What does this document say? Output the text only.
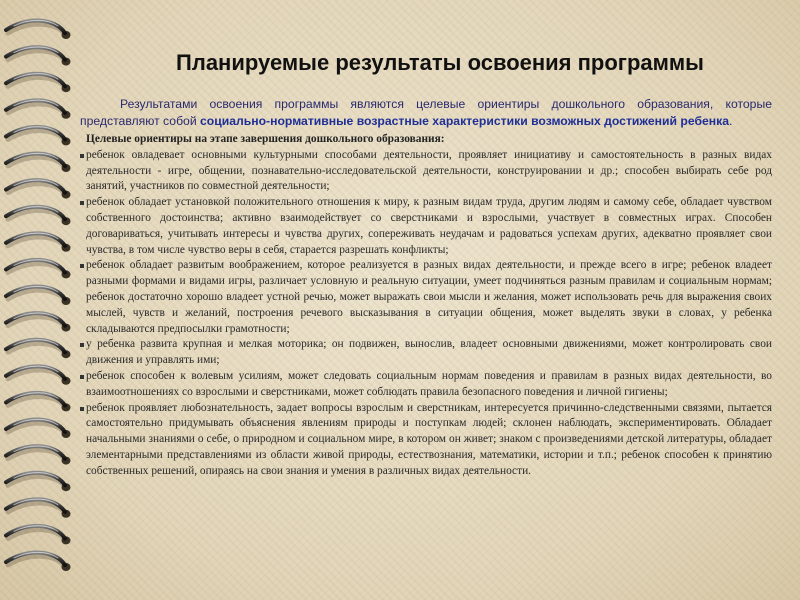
Планируемые результаты освоения программы

Результатами освоения программы являются целевые ориентиры дошкольного образования, которые представляют собой социально-нормативные возрастные характеристики возможных достижений ребенка.

Целевые ориентиры на этапе завершения дошкольного образования:
ребенок овладевает основными культурными способами деятельности, проявляет инициативу и самостоятельность в разных видах деятельности - игре, общении, познавательно-исследовательской деятельности, конструировании и др.; способен выбирать себе род занятий, участников по совместной деятельности;
ребенок обладает установкой положительного отношения к миру, к разным видам труда, другим людям и самому себе, обладает чувством собственного достоинства; активно взаимодействует со сверстниками и взрослыми, участвует в совместных играх. Способен договариваться, учитывать интересы и чувства других, сопереживать неудачам и радоваться успехам других, адекватно проявляет свои чувства, в том числе чувство веры в себя, старается разрешать конфликты;
ребенок обладает развитым воображением, которое реализуется в разных видах деятельности, и прежде всего в игре; ребенок владеет разными формами и видами игры, различает условную и реальную ситуации, умеет подчиняться разным правилам и социальным нормам; ребенок достаточно хорошо владеет устной речью, может выражать свои мысли и желания, может использовать речь для выражения своих мыслей, чувств и желаний, построения речевого высказывания в ситуации общения, может выделять звуки в словах, у ребенка складываются предпосылки грамотности;
у ребенка развита крупная и мелкая моторика; он подвижен, вынослив, владеет основными движениями, может контролировать свои движения и управлять ими;
ребенок способен к волевым усилиям, может следовать социальным нормам поведения и правилам в разных видах деятельности, во взаимоотношениях со взрослыми и сверстниками, может соблюдать правила безопасного поведения и личной гигиены;
ребенок проявляет любознательность, задает вопросы взрослым и сверстникам, интересуется причинно-следственными связями, пытается самостоятельно придумывать объяснения явлениям природы и поступкам людей; склонен наблюдать, экспериментировать. Обладает начальными знаниями о себе, о природном и социальном мире, в котором он живет; знаком с произведениями детской литературы, обладает элементарными представлениями из области живой природы, естествознания, математики, истории и т.п.; ребенок способен к принятию собственных решений, опираясь на свои знания и умения в различных видах деятельности.
